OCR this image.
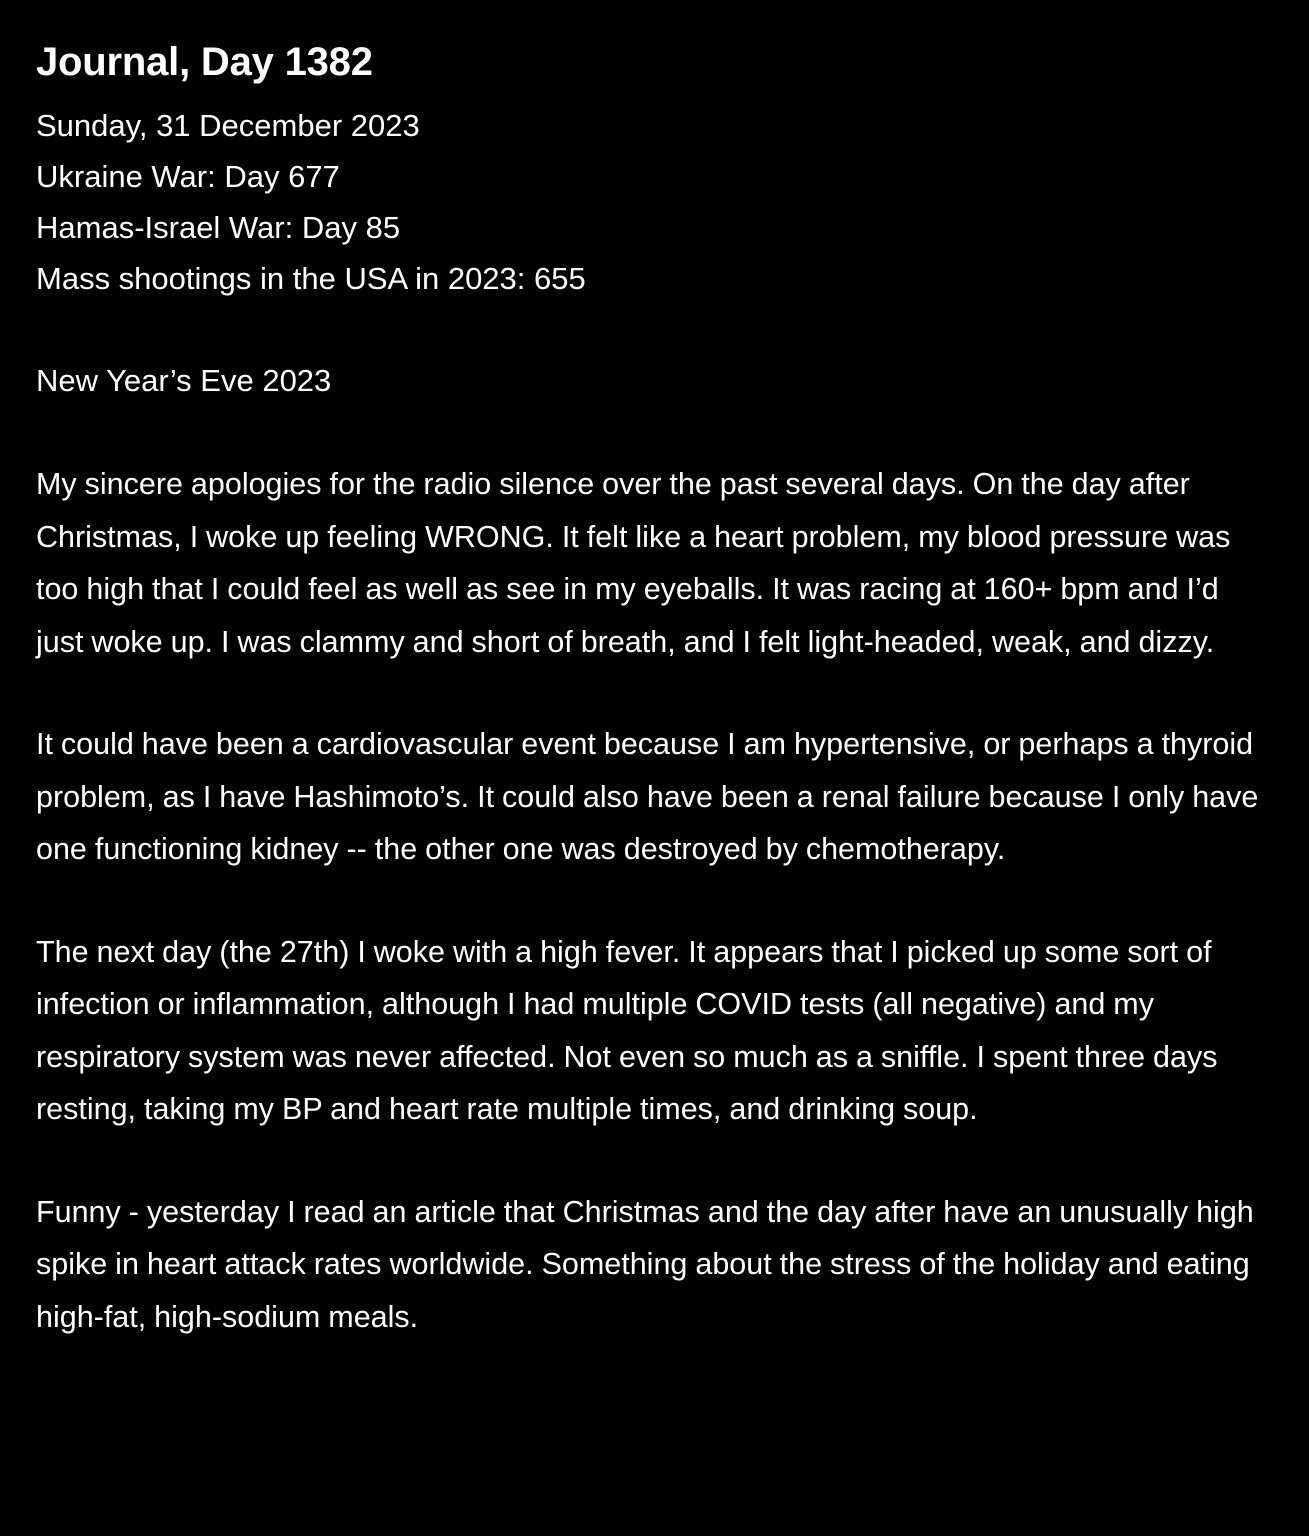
Journal, Day 1382

Sunday, 31 December 2023

Ukraine War: Day 677

Hamas-Israel War: Day 85

Mass shootings in the USA in 2023: 655

New Year’s Eve 2023

My sincere apologies for the radio silence over the past several days. On the day after Christmas, I woke up feeling WRONG. It felt like a heart problem, my blood pressure was too high that I could feel as well as see in my eyeballs. It was racing at 160+ bpm and I’d just woke up. I was clammy and short of breath, and I felt light-headed, weak, and dizzy.

It could have been a cardiovascular event because I am hypertensive, or perhaps a thyroid problem, as I have Hashimoto’s. It could also have been a renal failure because I only have one functioning kidney -- the other one was destroyed by chemotherapy.

The next day (the 27th) I woke with a high fever. It appears that I picked up some sort of infection or inflammation, although I had multiple COVID tests (all negative) and my respiratory system was never affected. Not even so much as a sniffle. I spent three days resting, taking my BP and heart rate multiple times, and drinking soup.

Funny - yesterday I read an article that Christmas and the day after have an unusually high spike in heart attack rates worldwide. Something about the stress of the holiday and eating high-fat, high-sodium meals.
